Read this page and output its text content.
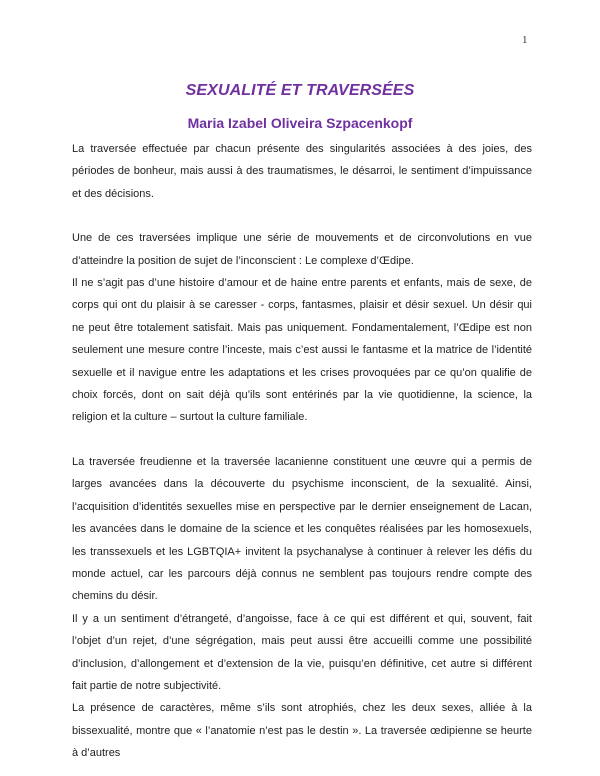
1
SEXUALITÉ ET TRAVERSÉES
Maria Izabel Oliveira Szpacenkopf

La traversée effectuée par chacun présente des singularités associées à des joies, des périodes de bonheur, mais aussi à des traumatismes, le désarroi, le sentiment d’impuissance et des décisions.

Une de ces traversées implique une série de mouvements et de circonvolutions en vue d’atteindre la position de sujet de l’inconscient : Le complexe d’Œdipe.

Il ne s’agit pas d’une histoire d’amour et de haine entre parents et enfants, mais de sexe, de corps qui ont du plaisir à se caresser - corps, fantasmes, plaisir et désir sexuel. Un désir qui ne peut être totalement satisfait. Mais pas uniquement. Fondamentalement, l’Œdipe est non seulement une mesure contre l’inceste, mais c’est aussi le fantasme et la matrice de l’identité sexuelle et il navigue entre les adaptations et les crises provoquées par ce qu’on qualifie de choix forcés, dont on sait déjà qu’ils sont entérinés par la vie quotidienne, la science, la religion et la culture – surtout la culture familiale.

La traversée freudienne et la traversée lacanienne constituent une œuvre qui a permis de larges avancées dans la découverte du psychisme inconscient, de la sexualité. Ainsi, l’acquisition d’identités sexuelles mise en perspective par le dernier enseignement de Lacan, les avancées dans le domaine de la science et les conquêtes réalisées par les homosexuels, les transsexuels et les LGBTQIA+ invitent la psychanalyse à continuer à relever les défis du monde actuel, car les parcours déjà connus ne semblent pas toujours rendre compte des chemins du désir.

Il y a un sentiment d’étrangeté, d’angoisse, face à ce qui est différent et qui, souvent, fait l’objet d’un rejet, d’une ségrégation, mais peut aussi être accueilli comme une possibilité d’inclusion, d’allongement et d’extension de la vie, puisqu’en définitive, cet autre si différent fait partie de notre subjectivité.

La présence de caractères, même s’ils sont atrophiés, chez les deux sexes, alliée à la bissexualité, montre que « l’anatomie n’est pas le destin ». La traversée œdipienne se heurte à d’autres
